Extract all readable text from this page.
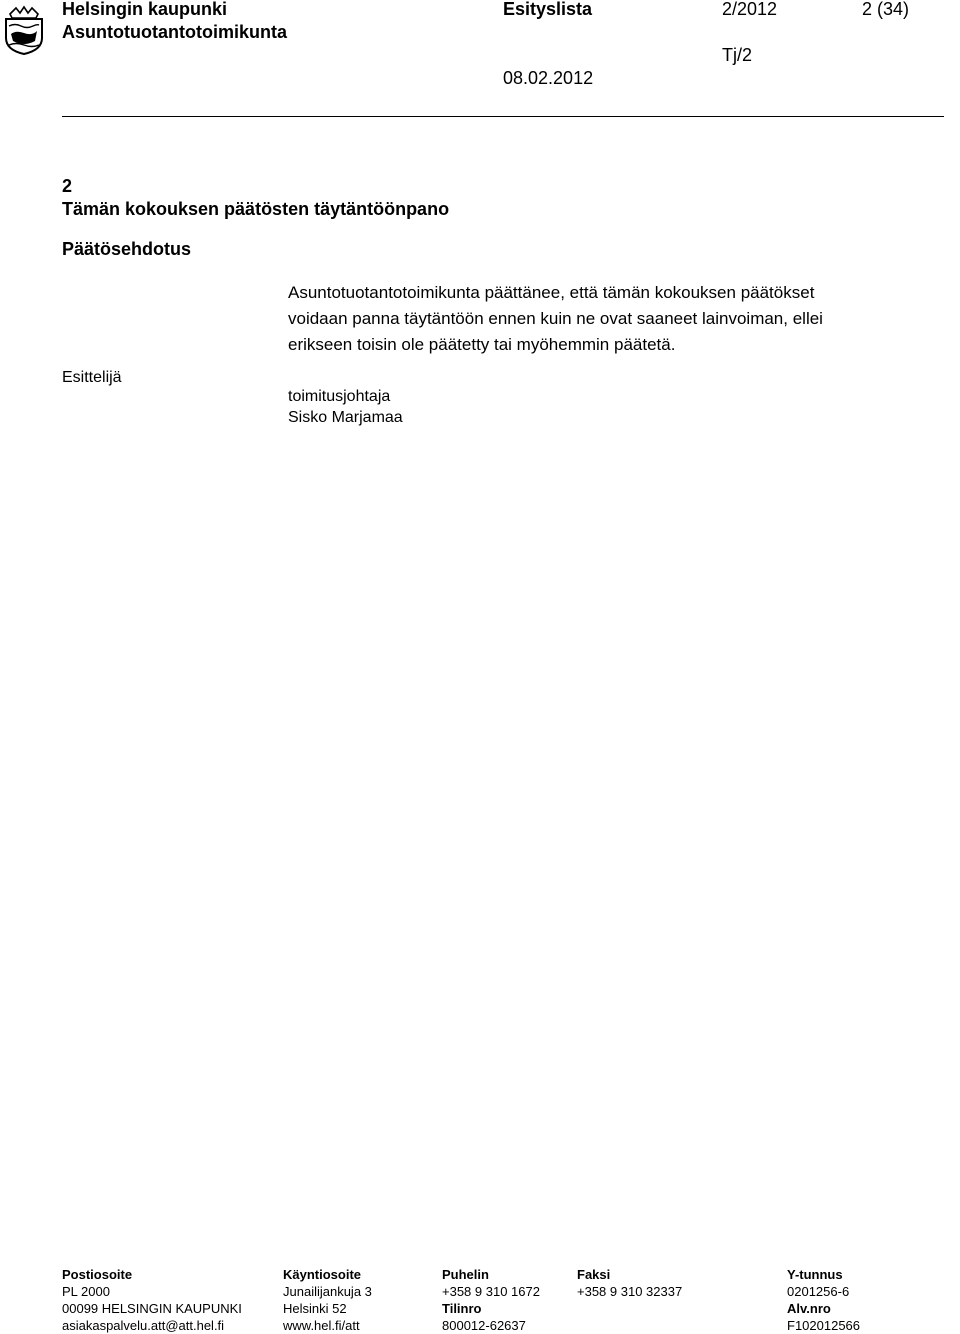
Helsingin kaupunki
Asuntotuotantotoimikunta
Esityslista	2/2012	2 (34)
Tj/2
08.02.2012
2
Tämän kokouksen päätösten täytäntöönpano
Päätösehdotus
Asuntotuotantotoimikunta päättänee, että tämän kokouksen päätökset
voidaan panna täytäntöön ennen kuin ne ovat saaneet lainvoiman, ellei
erikseen toisin ole päätetty tai myöhemmin päätetä.
Esittelijä
toimitusjohtaja
Sisko Marjamaa
Postiosoite
PL 2000
00099 HELSINGIN KAUPUNKI
asiakaspalvelu.att@att.hel.fi
Käyntiosoite
Junailijankuja 3
Helsinki 52
www.hel.fi/att
Puhelin
+358 9 310 1672
Tilinro
800012-62637
Faksi
+358 9 310 32337
Y-tunnus
0201256-6
Alv.nro
F102012566
